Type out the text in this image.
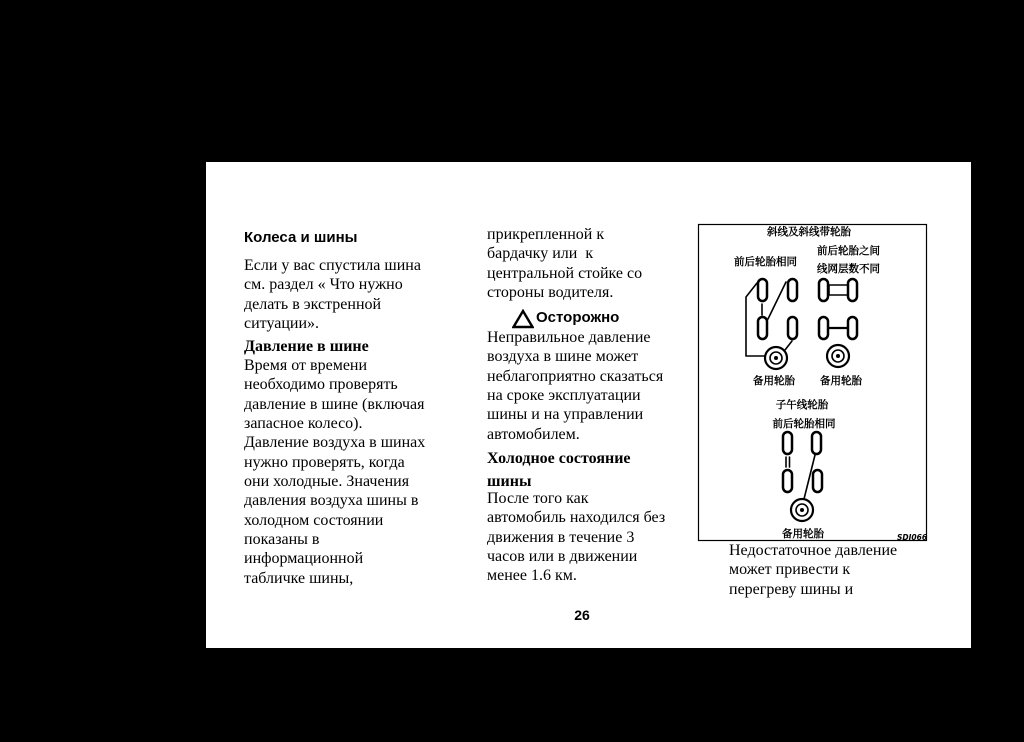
Колеса и шины
Если у вас спустила шина
см. раздел « Что нужно
делать в экстренной
ситуации».
Давление в шине
Время от времени
необходимо проверять
давление в шине (включая
запасное колесо).
Давление воздуха в шинах
нужно проверять, когда
они холодные. Значения
давления воздуха шины в
холодном состоянии
показаны в
информационной
табличке шины,
прикрепленной к
бардачку или  к
центральной стойке со
стороны водителя.
Осторожно
Неправильное давление
воздуха в шине может
неблагоприятно сказаться
на сроке эксплуатации
шины и на управлении
автомобилем.
Холодное состояние
шины
После того как
автомобиль находился без
движения в течение 3
часов или в движении
менее 1.6 км.
斜线及斜线带轮胎
前后轮胎相同
前后轮胎之间
线网层数不同
备用轮胎 备用轮胎
子午线轮胎
前后轮胎相同
备用轮胎	SDI066
Недостаточное давление
может привести к
перегреву шины и
26
